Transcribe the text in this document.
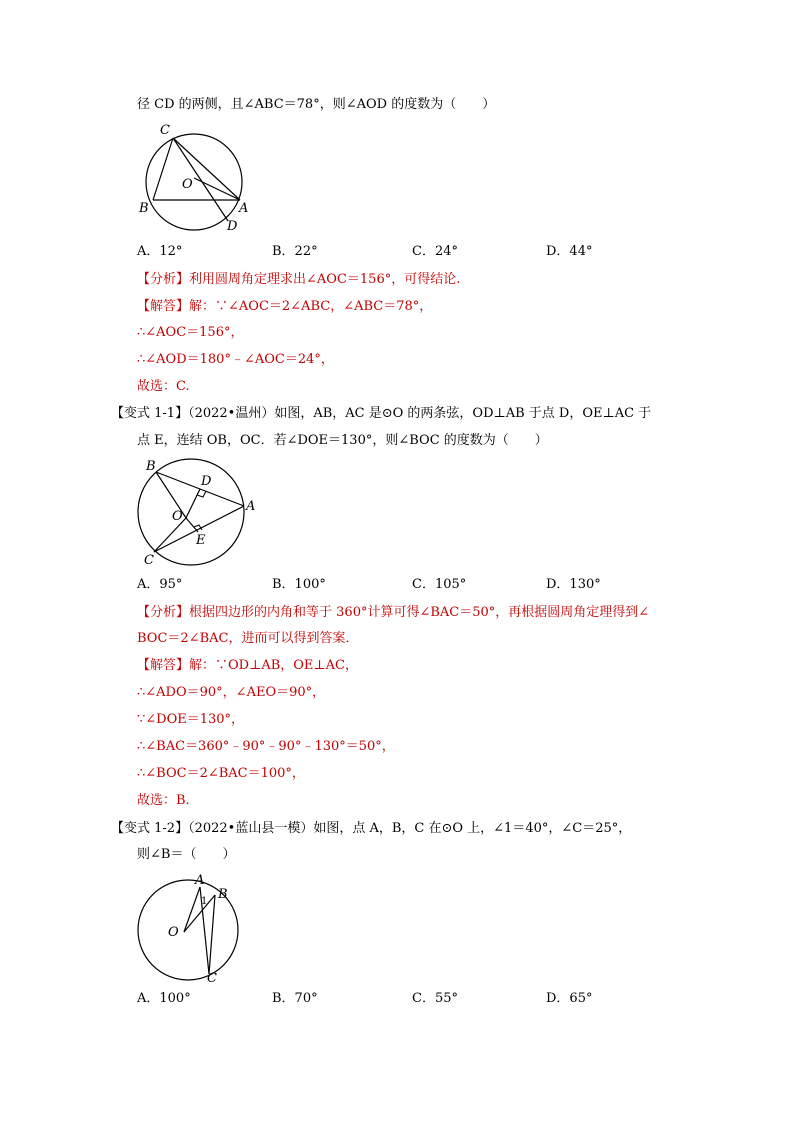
径 CD 的两侧，且∠ABC＝78°，则∠AOD 的度数为（　　）
C
O
B	A
D
A．12°	B．22°	C．24°	D．44°
【分析】利用圆周角定理求出∠AOC＝156°，可得结论.
【解答】解：∵∠AOC＝2∠ABC，∠ABC＝78°，
∴∠AOC＝156°，
∴∠AOD＝180°﹣∠AOC＝24°，
故选：C.
【变式 1-1】（2022•温州）如图，AB，AC 是⊙O 的两条弦，OD⊥AB 于点 D，OE⊥AC 于
点 E，连结 OB，OC．若∠DOE＝130°，则∠BOC 的度数为（　　）
B
D
O
A
E
C
A．95°	B．100°	C．105°	D．130°
【分析】根据四边形的内角和等于 360°计算可得∠BAC＝50°，再根据圆周角定理得到∠
BOC＝2∠BAC，进而可以得到答案．
【解答】解：∵OD⊥AB，OE⊥AC，
∴∠ADO＝90°，∠AEO＝90°，
∵∠DOE＝130°，
∴∠BAC＝360°﹣90°﹣90°﹣130°＝50°，
∴∠BOC＝2∠BAC＝100°，
故选：B.
【变式 1-2】（2022•蓝山县一模）如图，点 A，B，C 在⊙O 上，∠1＝40°，∠C＝25°，
则∠B＝（　　）
A
B
1
O
C
A．100°	B．70°	C．55°	D．65°
